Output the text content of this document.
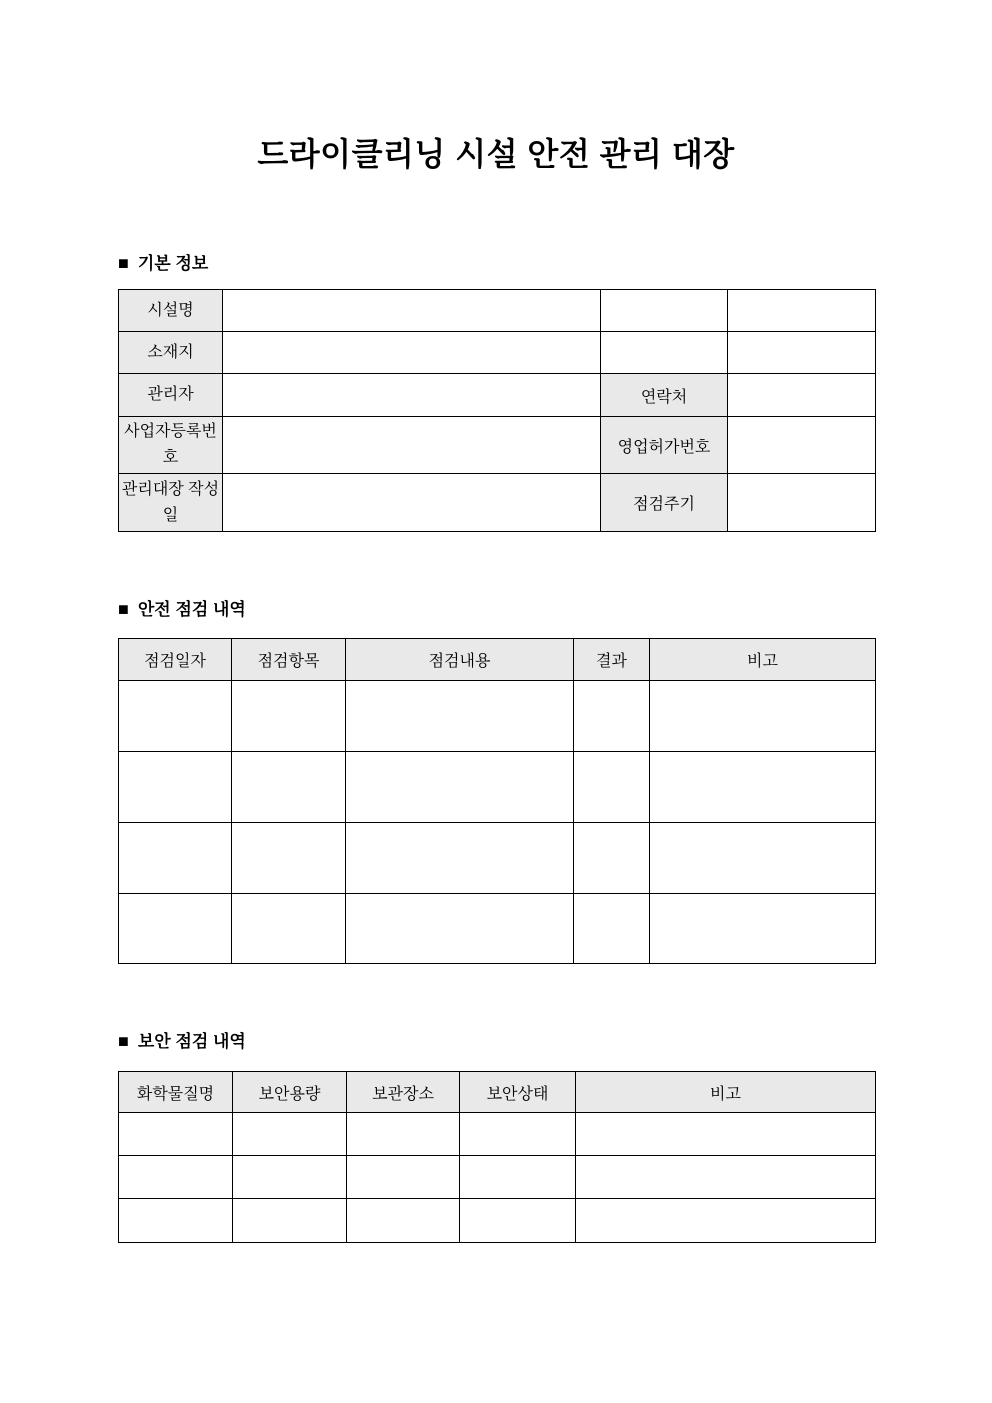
드라이클리닝 시설 안전 관리 대장
■ 기본 정보
시설명			
소재지			
관리자		연락처	
사업자등록번호		영업허가번호	
관리대장 작성일		점검주기	
■ 안전 점검 내역
점검일자	점검항목	점검내용	결과	비고

■ 보안 점검 내역
화학물질명	보안용량	보관장소	보안상태	비고
